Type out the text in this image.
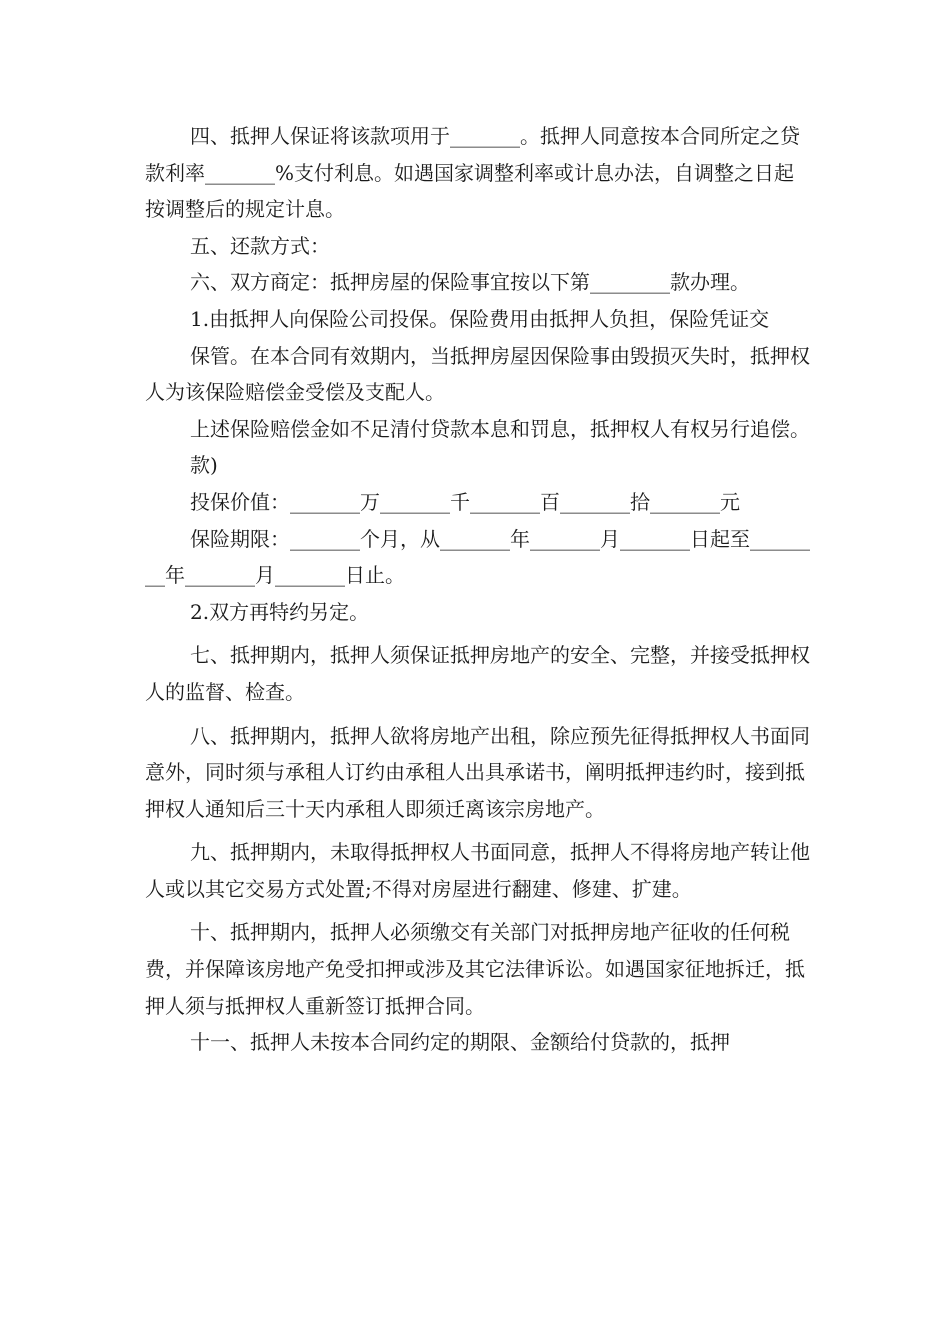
四、抵押人保证将该款项用于_______。抵押人同意按本合同所定之贷款利率_______%支付利息。如遇国家调整利率或计息办法，自调整之日起按调整后的规定计息。

五、还款方式：

六、双方商定：抵押房屋的保险事宜按以下第________款办理。

1.由抵押人向保险公司投保。保险费用由抵押人负担，保险凭证交

保管。在本合同有效期内，当抵押房屋因保险事由毁损灭失时，抵押权人为该保险赔偿金受偿及支配人。

上述保险赔偿金如不足清付贷款本息和罚息，抵押权人有权另行追偿。

款)

投保价值：_______万_______千_______百_______拾_______元

保险期限：_______个月，从_______年_______月_______日起至________年_______月_______日止。

2.双方再特约另定。

七、抵押期内，抵押人须保证抵押房地产的安全、完整，并接受抵押权人的监督、检查。

八、抵押期内，抵押人欲将房地产出租，除应预先征得抵押权人书面同意外，同时须与承租人订约由承租人出具承诺书，阐明抵押违约时，接到抵押权人通知后三十天内承租人即须迁离该宗房地产。

九、抵押期内，未取得抵押权人书面同意，抵押人不得将房地产转让他人或以其它交易方式处置;不得对房屋进行翻建、修建、扩建。

十、抵押期内，抵押人必须缴交有关部门对抵押房地产征收的任何税费，并保障该房地产免受扣押或涉及其它法律诉讼。如遇国家征地拆迁，抵押人须与抵押权人重新签订抵押合同。

十一、抵押人未按本合同约定的期限、金额给付贷款的，抵押
